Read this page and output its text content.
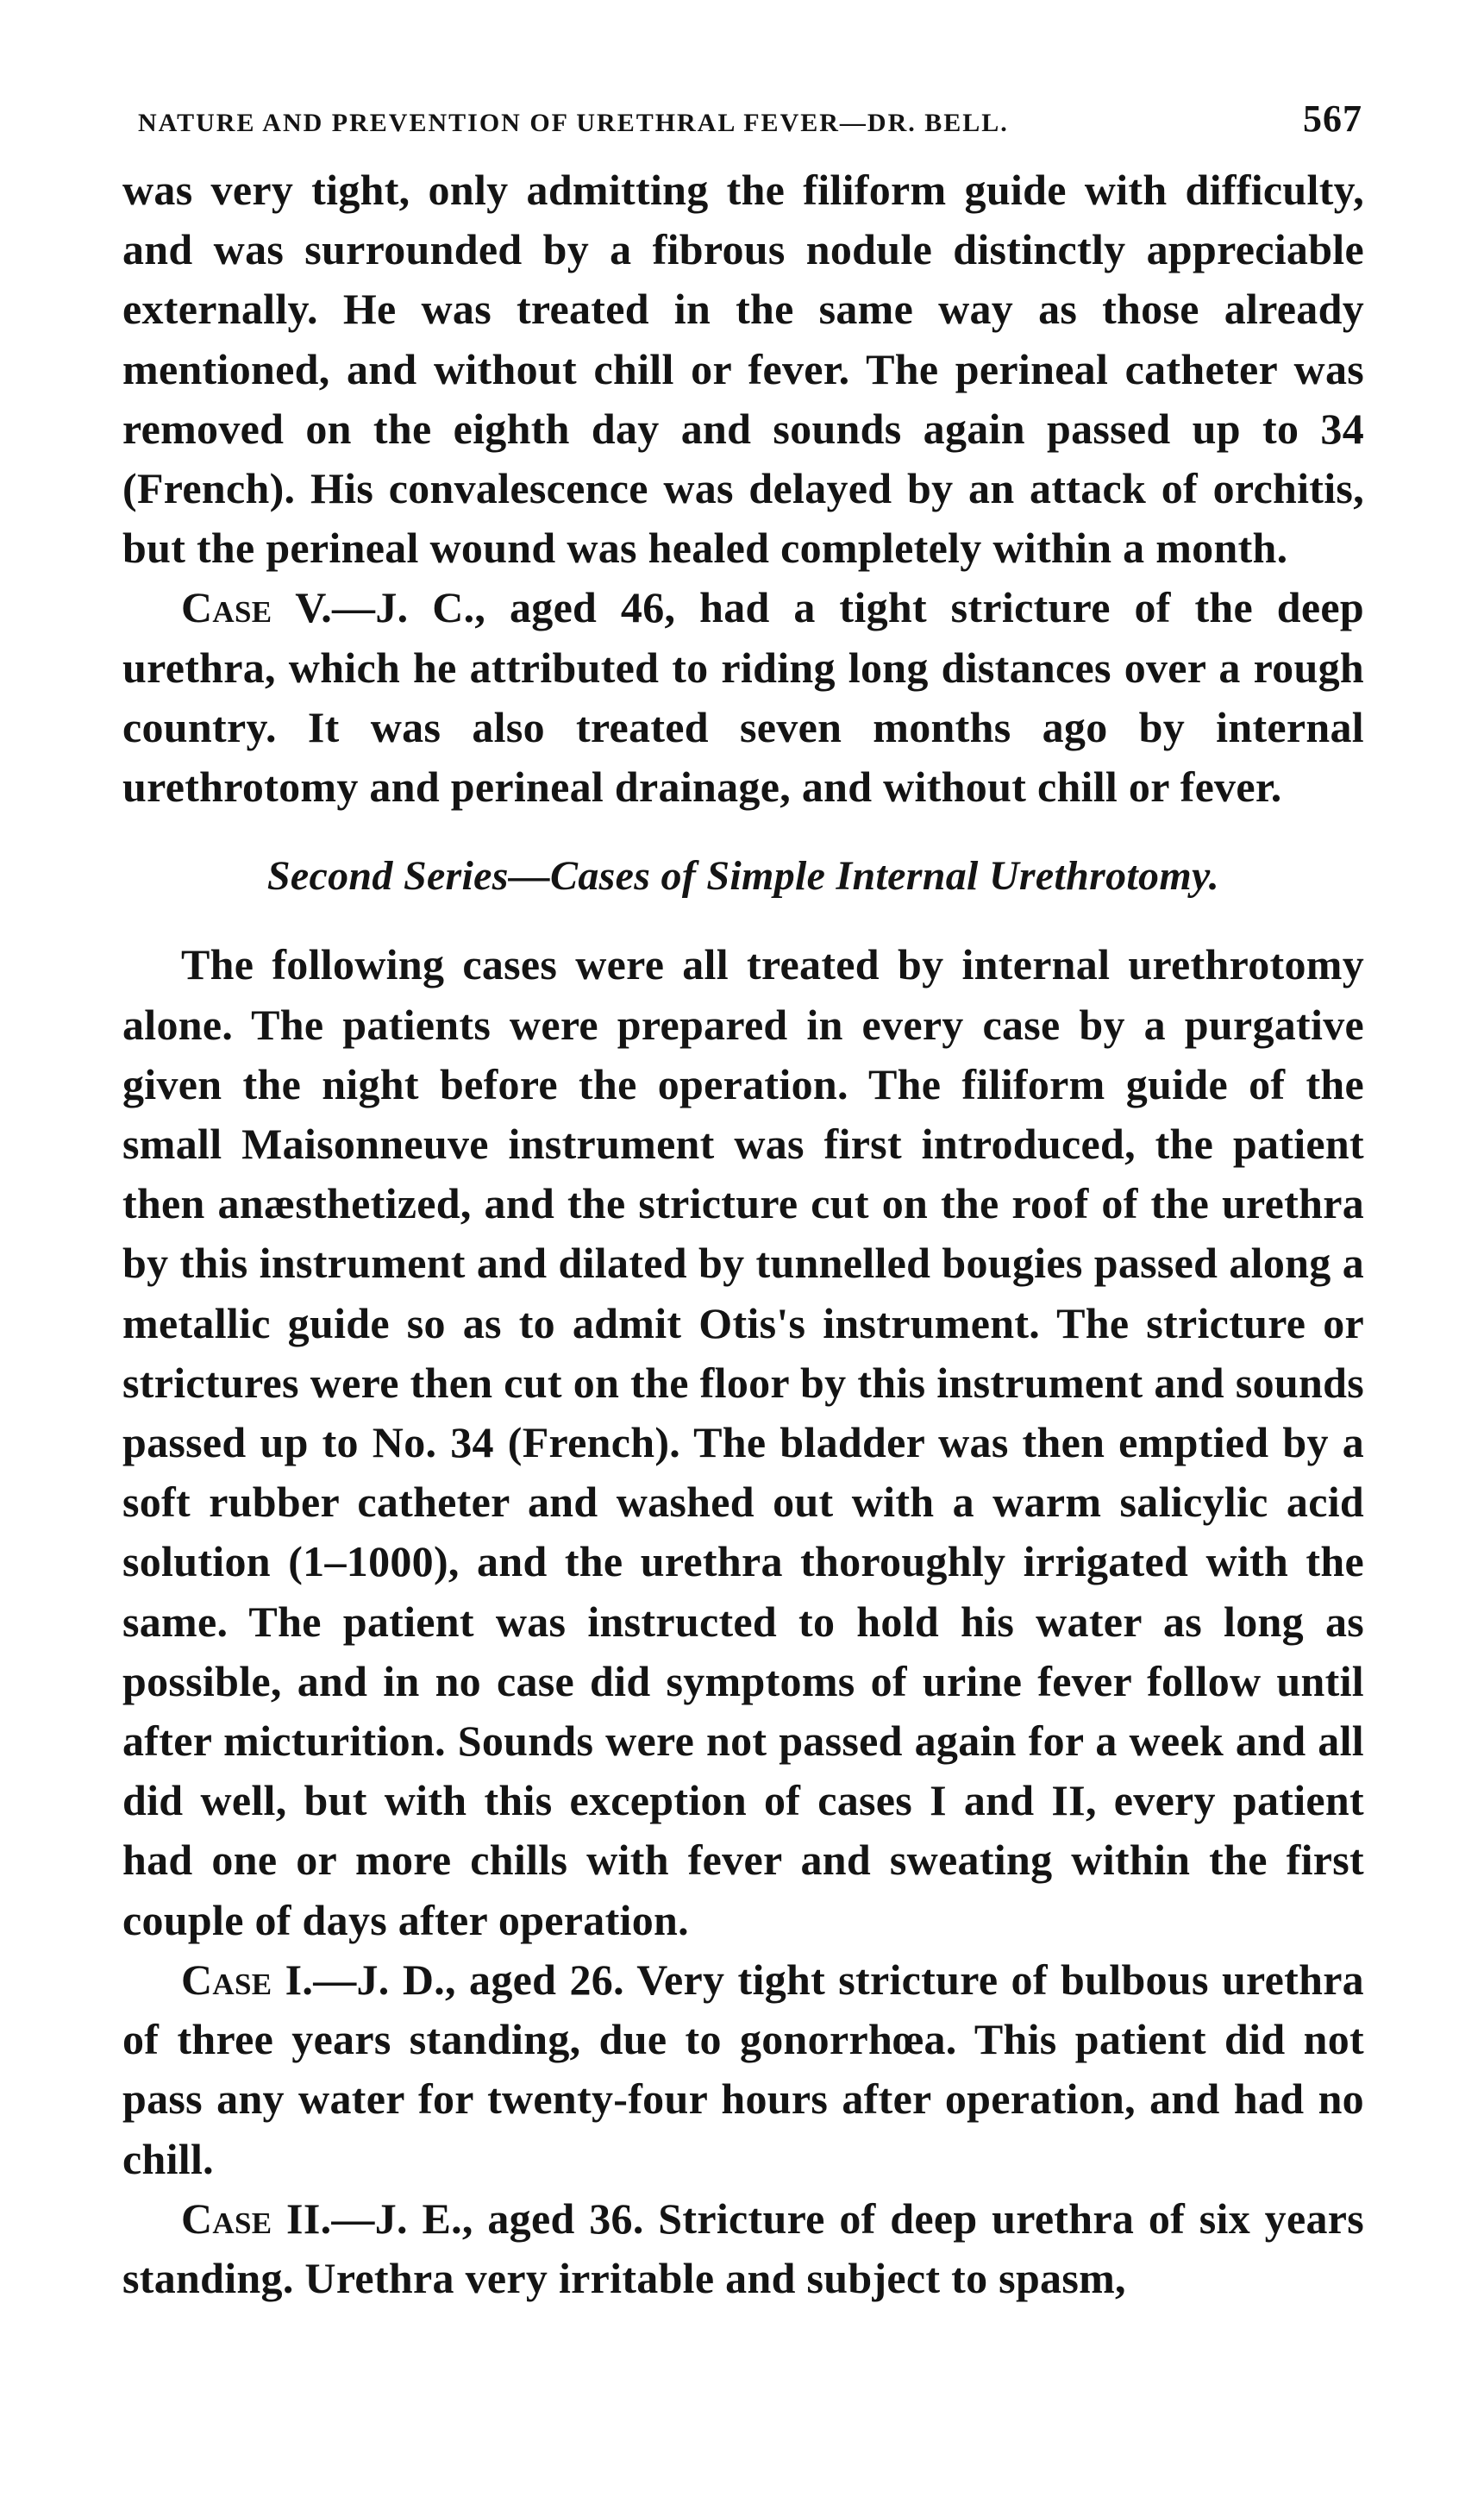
NATURE AND PREVENTION OF URETHRAL FEVER—DR. BELL.	567

was very tight, only admitting the filiform guide with difficulty, and was surrounded by a fibrous nodule distinctly appreciable externally. He was treated in the same way as those already mentioned, and without chill or fever. The perineal catheter was removed on the eighth day and sounds again passed up to 34 (French). His convalescence was delayed by an attack of orchitis, but the perineal wound was healed completely within a month.

Case V.—J. C., aged 46, had a tight stricture of the deep urethra, which he attributed to riding long distances over a rough country. It was also treated seven months ago by internal urethrotomy and perineal drainage, and without chill or fever.

Second Series—Cases of Simple Internal Urethrotomy.

The following cases were all treated by internal urethrotomy alone. The patients were prepared in every case by a purgative given the night before the operation. The filiform guide of the small Maisonneuve instrument was first introduced, the patient then anæsthetized, and the stricture cut on the roof of the urethra by this instrument and dilated by tunnelled bougies passed along a metallic guide so as to admit Otis's instrument. The stricture or strictures were then cut on the floor by this instrument and sounds passed up to No. 34 (French). The bladder was then emptied by a soft rubber catheter and washed out with a warm salicylic acid solution (1–1000), and the urethra thoroughly irrigated with the same. The patient was instructed to hold his water as long as possible, and in no case did symptoms of urine fever follow until after micturition. Sounds were not passed again for a week and all did well, but with this exception of cases I and II, every patient had one or more chills with fever and sweating within the first couple of days after operation.

Case I.—J. D., aged 26. Very tight stricture of bulbous urethra of three years standing, due to gonorrhœa. This patient did not pass any water for twenty-four hours after operation, and had no chill.

Case II.—J. E., aged 36. Stricture of deep urethra of six years standing. Urethra very irritable and subject to spasm,
